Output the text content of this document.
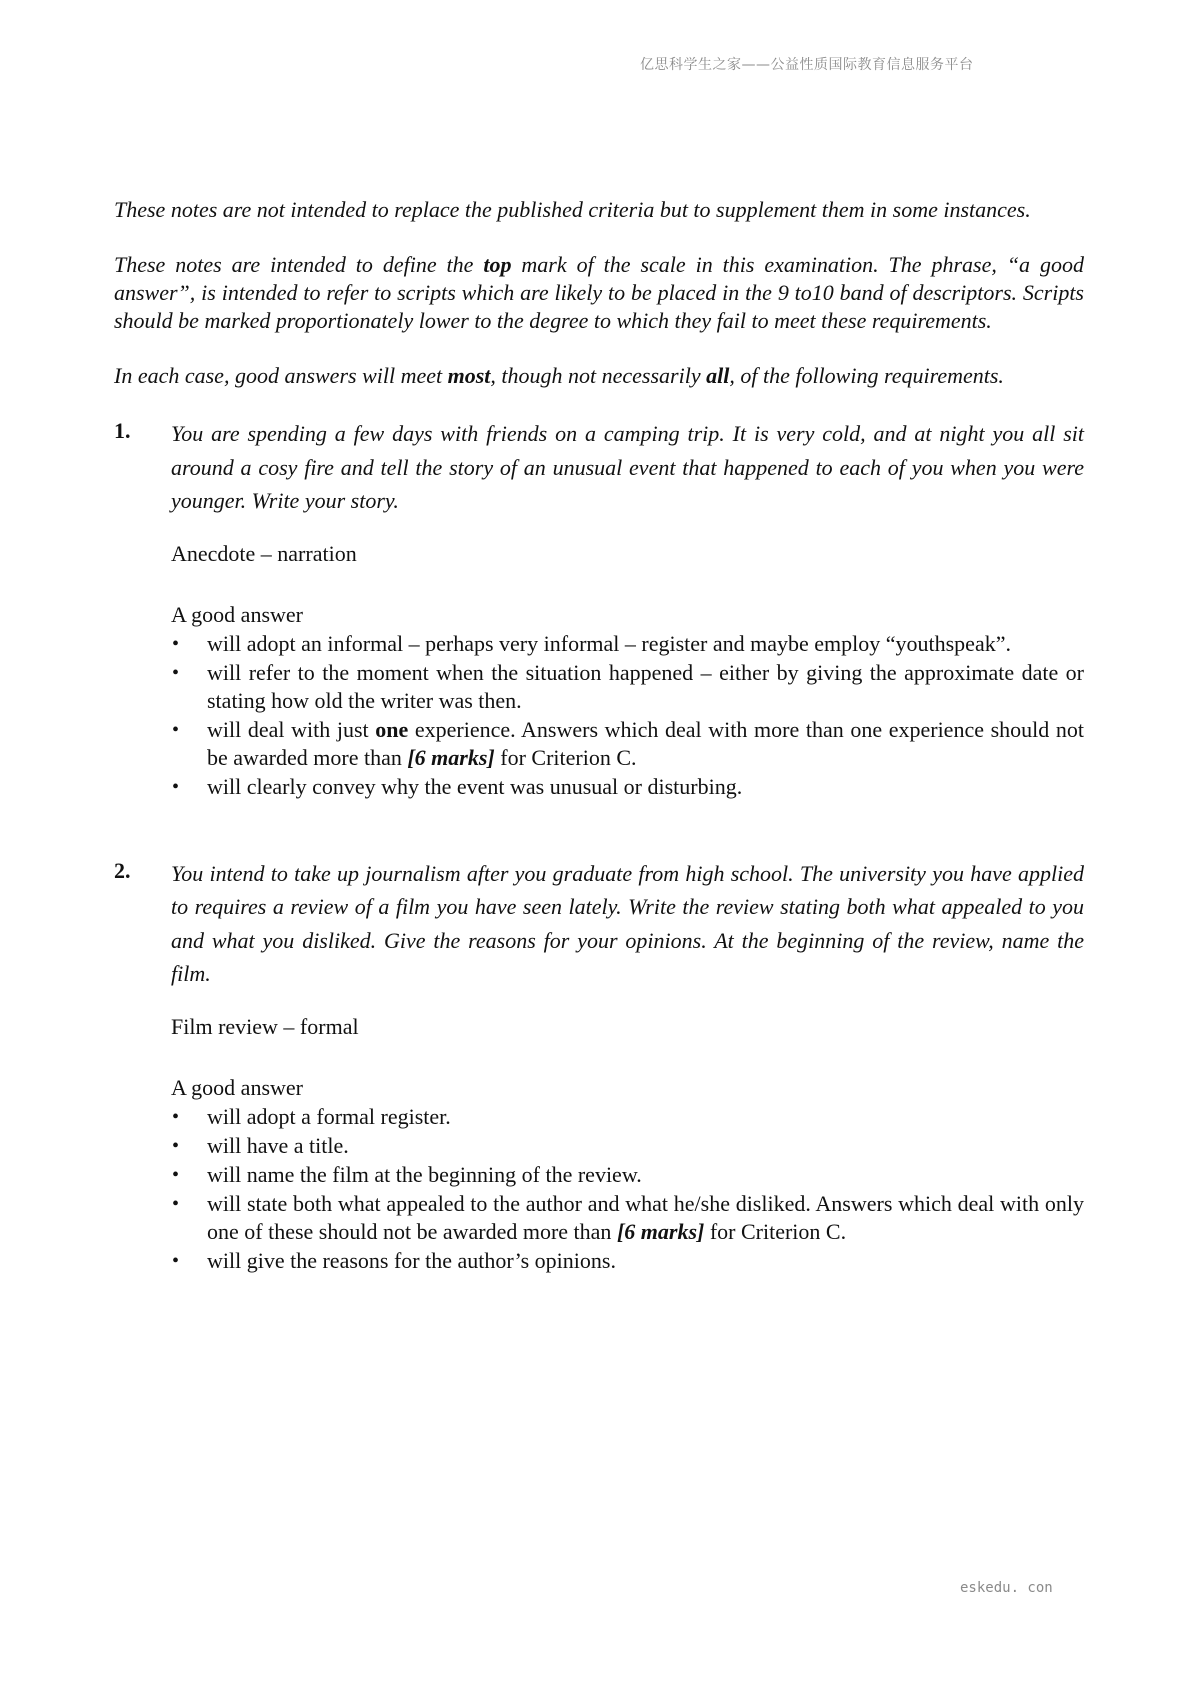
亿思科学生之家——公益性质国际教育信息服务平台

These notes are not intended to replace the published criteria but to supplement them in some instances.

These notes are intended to define the top mark of the scale in this examination. The phrase, “a good answer”, is intended to refer to scripts which are likely to be placed in the 9 to10 band of descriptors. Scripts should be marked proportionately lower to the degree to which they fail to meet these requirements.

In each case, good answers will meet most, though not necessarily all, of the following requirements.

1. You are spending a few days with friends on a camping trip. It is very cold, and at night you all sit around a cosy fire and tell the story of an unusual event that happened to each of you when you were younger. Write your story.

Anecdote – narration

A good answer

• will adopt an informal – perhaps very informal – register and maybe employ “youthspeak”.
• will refer to the moment when the situation happened – either by giving the approximate date or stating how old the writer was then.
• will deal with just one experience. Answers which deal with more than one experience should not be awarded more than [6 marks] for Criterion C.
• will clearly convey why the event was unusual or disturbing.
2. You intend to take up journalism after you graduate from high school. The university you have applied to requires a review of a film you have seen lately. Write the review stating both what appealed to you and what you disliked. Give the reasons for your opinions. At the beginning of the review, name the film.

Film review – formal

A good answer

• will adopt a formal register.
• will have a title.
• will name the film at the beginning of the review.
• will state both what appealed to the author and what he/she disliked. Answers which deal with only one of these should not be awarded more than [6 marks] for Criterion C.
• will give the reasons for the author’s opinions.
eskedu. con
